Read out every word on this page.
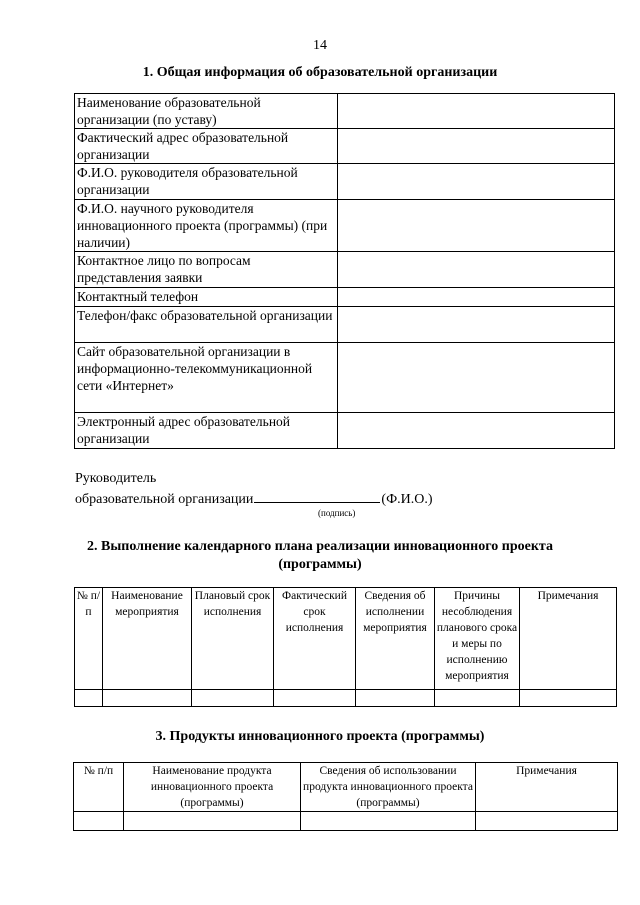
14
1. Общая информация об образовательной организации
Наименование образовательной организации (по уставу)	
Фактический адрес образовательной организации	
Ф.И.О. руководителя образовательной организации	
Ф.И.О. научного руководителя инновационного проекта (программы) (при наличии)	
Контактное лицо по вопросам представления заявки	
Контактный телефон	
Телефон/факс образовательной организации	
Сайт образовательной организации в информационно-телекоммуникационной сети «Интернет»	
Электронный адрес образовательной организации	
Руководитель
образовательной организации	(Ф.И.О.)
(подпись)
2. Выполнение календарного плана реализации инновационного проекта
(программы)
№ п/п	Наименование мероприятия	Плановый срок исполнения	Фактический срок исполнения	Сведения об исполнении мероприятия	Причины несоблюдения планового срока и меры по исполнению мероприятия	Примечания

3. Продукты инновационного проекта (программы)
№ п/п	Наименование продукта инновационного проекта (программы)	Сведения об использовании продукта инновационного проекта (программы)	Примечания
